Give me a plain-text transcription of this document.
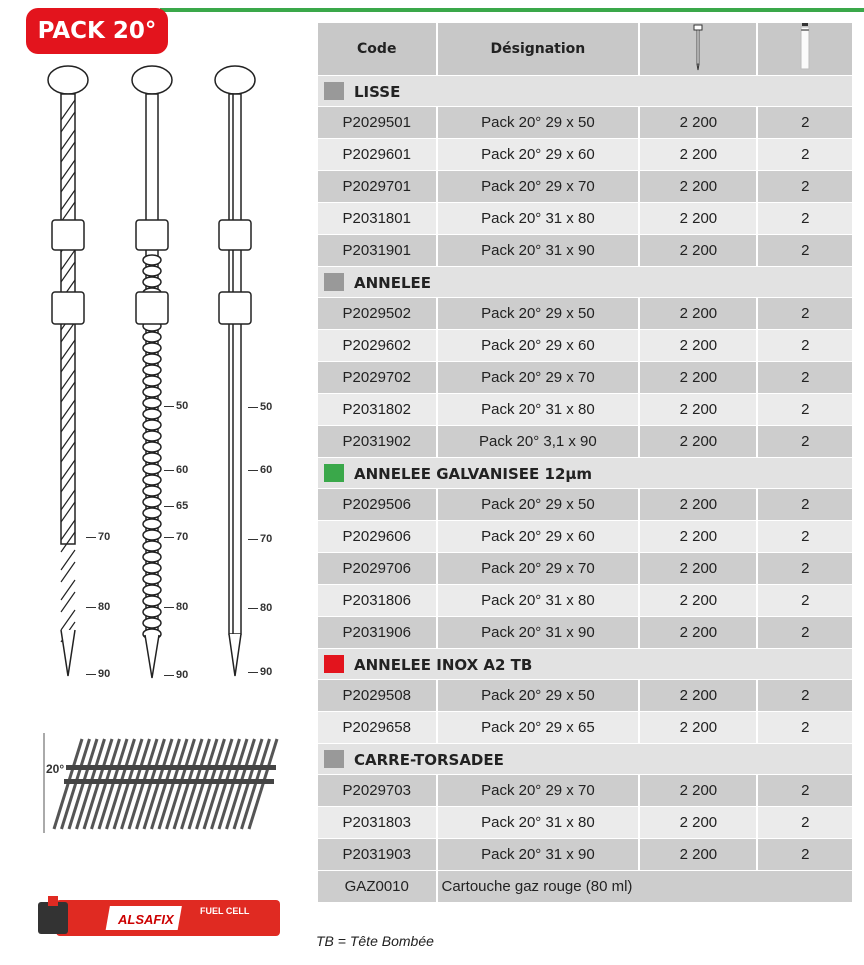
PACK 20°
70
80
90
50
60
65
70
80
90
50
60
70
80
90
20°
ALSAFIX
FUEL CELL
Code	Désignation		
LISSE			
P2029501	Pack 20° 29 x 50	2 200	2
P2029601	Pack 20° 29 x 60	2 200	2
P2029701	Pack 20° 29 x 70	2 200	2
P2031801	Pack 20° 31 x 80	2 200	2
P2031901	Pack 20° 31 x 90	2 200	2
ANNELEE			
P2029502	Pack 20° 29 x 50	2 200	2
P2029602	Pack 20° 29 x 60	2 200	2
P2029702	Pack 20° 29 x 70	2 200	2
P2031802	Pack 20° 31 x 80	2 200	2
P2031902	Pack 20° 3,1 x 90	2 200	2
ANNELEE GALVANISEE 12µm			
P2029506	Pack 20° 29 x 50	2 200	2
P2029606	Pack 20° 29 x 60	2 200	2
P2029706	Pack 20° 29 x 70	2 200	2
P2031806	Pack 20° 31 x 80	2 200	2
P2031906	Pack 20° 31 x 90	2 200	2
ANNELEE INOX A2 TB			
P2029508	Pack 20° 29 x 50	2 200	2
P2029658	Pack 20° 29 x 65	2 200	2
CARRE-TORSADEE			
P2029703	Pack 20° 29 x 70	2 200	2
P2031803	Pack 20° 31 x 80	2 200	2
P2031903	Pack 20° 31 x 90	2 200	2
GAZ0010	Cartouche gaz rouge (80 ml)		
TB = Tête Bombée
